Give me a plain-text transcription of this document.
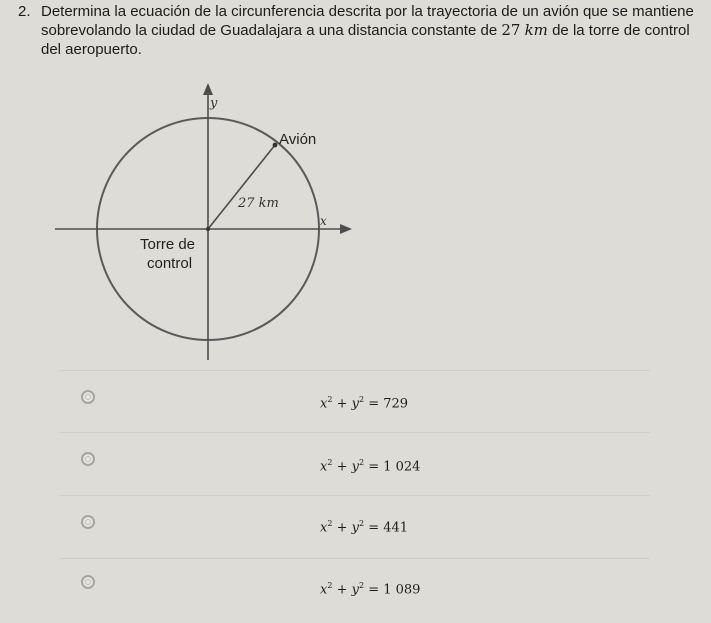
2. Determina la ecuación de la circunferencia descrita por la trayectoria de un avión que se mantiene sobrevolando la ciudad de Guadalajara a una distancia constante de 27 km de la torre de control del aeropuerto.
y
x
Avión
27 km
Torre de
control
$x^2 + y^2 = 729$
$x^2 + y^2 = 1$ 024
$x^2 + y^2 = 441$
$x^2 + y^2 = 1$ 089
